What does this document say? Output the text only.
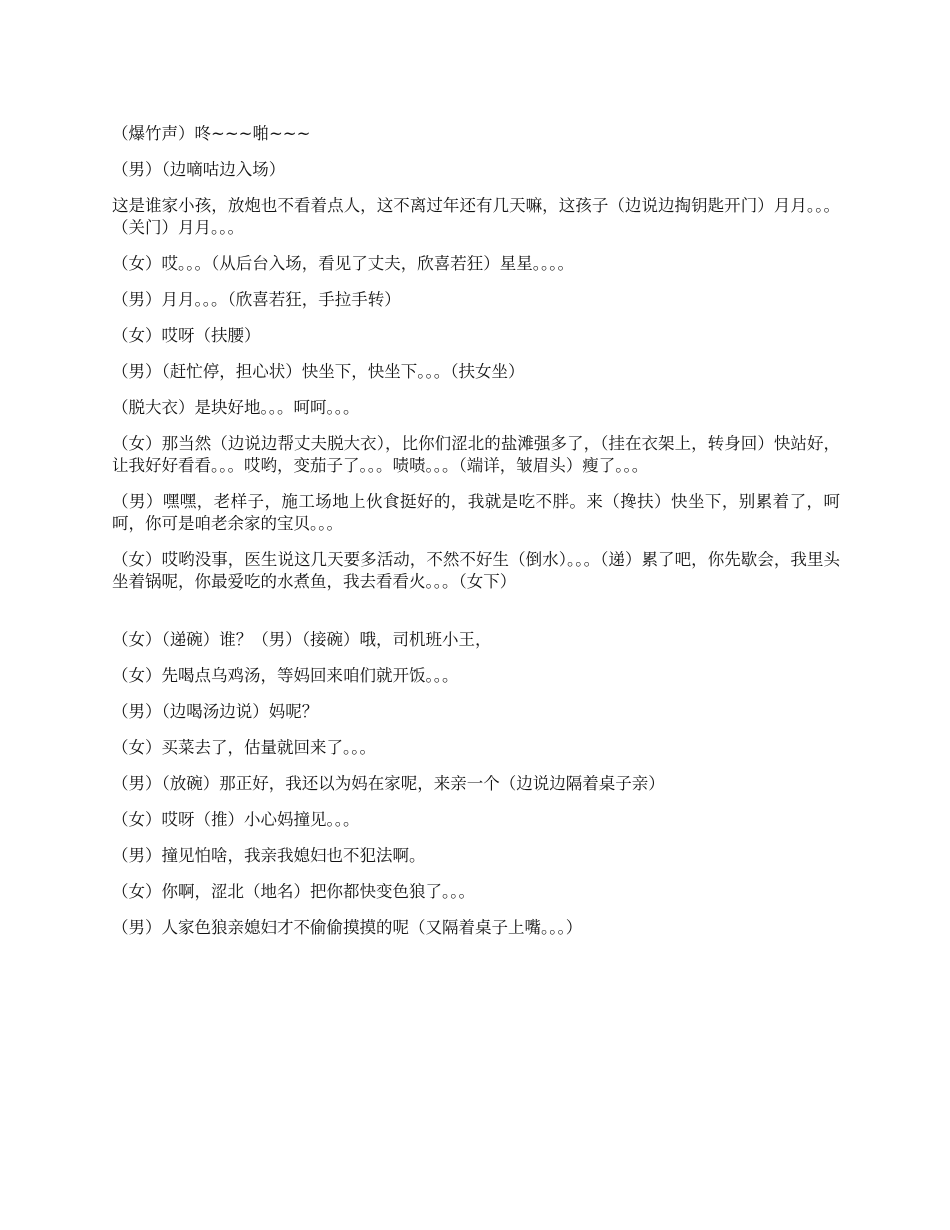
（爆竹声）咚~~~啪~~~

（男）（边嘀咕边入场）

这是谁家小孩，放炮也不看着点人，这不离过年还有几天嘛，这孩子（边说边掏钥匙开门）月月。。。（关门）月月。。。

（女）哎。。。（从后台入场，看见了丈夫，欣喜若狂）星星。。。。

（男）月月。。。（欣喜若狂，手拉手转）

（女）哎呀（扶腰）

（男）（赶忙停，担心状）快坐下，快坐下。。。（扶女坐）

（脱大衣）是块好地。。。呵呵。。。

（女）那当然（边说边帮丈夫脱大衣），比你们涩北的盐滩强多了，（挂在衣架上，转身回）快站好，让我好好看看。。。哎哟，变茄子了。。。啧啧。。。（端详，皱眉头）瘦了。。。

（男）嘿嘿，老样子，施工场地上伙食挺好的，我就是吃不胖。来（搀扶）快坐下，别累着了，呵呵，你可是咱老余家的宝贝。。。

（女）哎哟没事，医生说这几天要多活动，不然不好生（倒水）。。。（递）累了吧，你先歇会，我里头坐着锅呢，你最爱吃的水煮鱼，我去看看火。。。（女下）

（女）（递碗）谁？（男）（接碗）哦，司机班小王，

（女）先喝点乌鸡汤，等妈回来咱们就开饭。。。

（男）（边喝汤边说）妈呢？

（女）买菜去了，估量就回来了。。。

（男）（放碗）那正好，我还以为妈在家呢，来亲一个（边说边隔着桌子亲）

（女）哎呀（推）小心妈撞见。。。

（男）撞见怕啥，我亲我媳妇也不犯法啊。

（女）你啊，涩北（地名）把你都快变色狼了。。。

（男）人家色狼亲媳妇才不偷偷摸摸的呢（又隔着桌子上嘴。。。）
